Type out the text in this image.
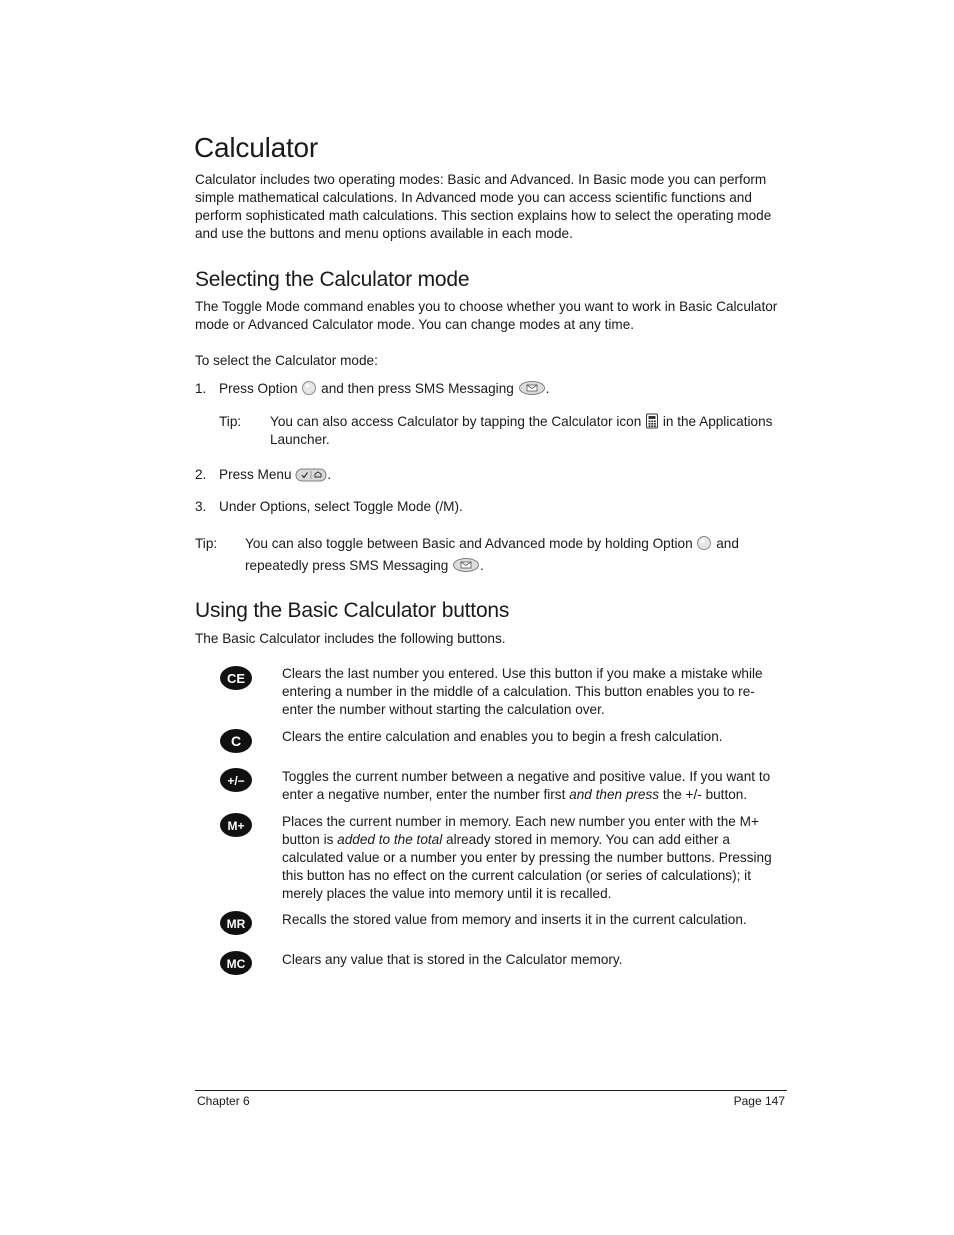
Calculator

Calculator includes two operating modes: Basic and Advanced. In Basic mode you can perform simple mathematical calculations. In Advanced mode you can access scientific functions and perform sophisticated math calculations. This section explains how to select the operating mode and use the buttons and menu options available in each mode.

Selecting the Calculator mode

The Toggle Mode command enables you to choose whether you want to work in Basic Calculator mode or Advanced Calculator mode. You can change modes at any time.

To select the Calculator mode:
1. Press Option and then press SMS Messaging .
Tip: You can also access Calculator by tapping the Calculator icon in the Applications
Launcher.
2. Press Menu	.
3. Under Options, select Toggle Mode (/M).
Tip: You can also toggle between Basic and Advanced mode by holding Option and
repeatedly press SMS Messaging .
Using the Basic Calculator buttons
The Basic Calculator includes the following buttons.
CE	Clears the last number you entered. Use this button if you make a mistake while
entering a number in the middle of a calculation. This button enables you to re-
enter the number without starting the calculation over.
C	Clears the entire calculation and enables you to begin a fresh calculation.
+/−	Toggles the current number between a negative and positive value. If you want to
enter a negative number, enter the number first and then press the +/- button.
M+	Places the current number in memory. Each new number you enter with the M+
button is added to the total already stored in memory. You can add either a
calculated value or a number you enter by pressing the number buttons. Pressing
this button has no effect on the current calculation (or series of calculations); it
merely places the value into memory until it is recalled.
MR	Recalls the stored value from memory and inserts it in the current calculation.
MC	Clears any value that is stored in the Calculator memory.
Chapter 6	Page 147
